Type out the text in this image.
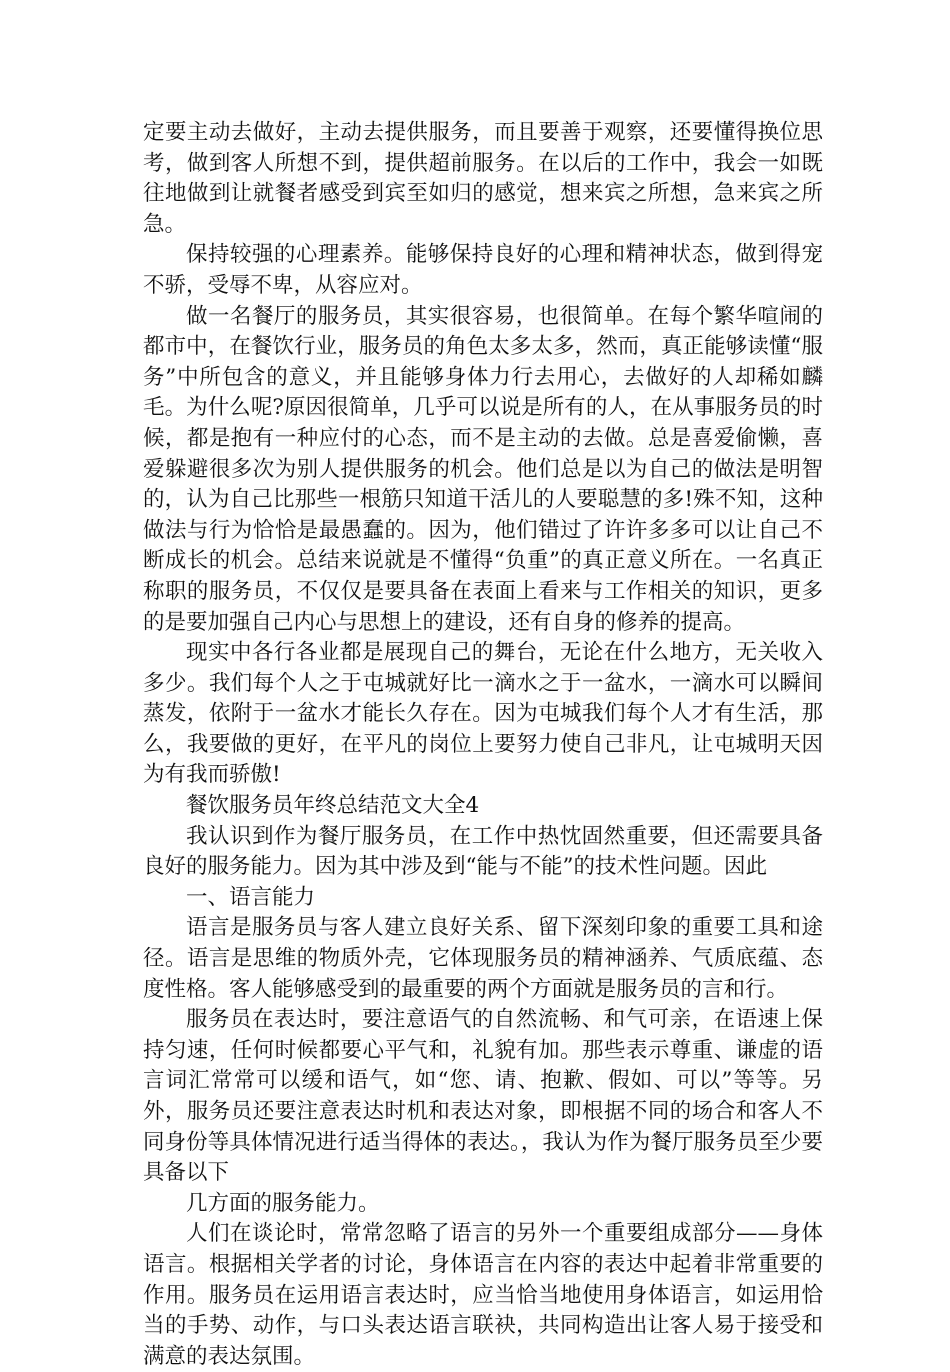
定要主动去做好，主动去提供服务，而且要善于观察，还要懂得换位思考，做到客人所想不到，提供超前服务。在以后的工作中，我会一如既往地做到让就餐者感受到宾至如归的感觉，想来宾之所想，急来宾之所急。

保持较强的心理素养。能够保持良好的心理和精神状态，做到得宠不骄，受辱不卑，从容应对。

做一名餐厅的服务员，其实很容易，也很简单。在每个繁华喧闹的都市中，在餐饮行业，服务员的角色太多太多，然而，真正能够读懂“服务”中所包含的意义，并且能够身体力行去用心，去做好的人却稀如麟毛。为什么呢?原因很简单，几乎可以说是所有的人，在从事服务员的时候，都是抱有一种应付的心态，而不是主动的去做。总是喜爱偷懒，喜爱躲避很多次为别人提供服务的机会。他们总是以为自己的做法是明智的，认为自己比那些一根筋只知道干活儿的人要聪慧的多!殊不知，这种做法与行为恰恰是最愚蠢的。因为，他们错过了许许多多可以让自己不断成长的机会。总结来说就是不懂得“负重”的真正意义所在。一名真正称职的服务员，不仅仅是要具备在表面上看来与工作相关的知识，更多的是要加强自己内心与思想上的建设，还有自身的修养的提高。

现实中各行各业都是展现自己的舞台，无论在什么地方，无关收入多少。我们每个人之于屯城就好比一滴水之于一盆水，一滴水可以瞬间蒸发，依附于一盆水才能长久存在。因为屯城我们每个人才有生活，那么，我要做的更好，在平凡的岗位上要努力使自己非凡，让屯城明天因为有我而骄傲!

餐饮服务员年终总结范文大全4

我认识到作为餐厅服务员，在工作中热忱固然重要，但还需要具备良好的服务能力。因为其中涉及到“能与不能”的技术性问题。因此

一、语言能力

语言是服务员与客人建立良好关系、留下深刻印象的重要工具和途径。语言是思维的物质外壳，它体现服务员的精神涵养、气质底蕴、态度性格。客人能够感受到的最重要的两个方面就是服务员的言和行。

服务员在表达时，要注意语气的自然流畅、和气可亲，在语速上保持匀速，任何时候都要心平气和，礼貌有加。那些表示尊重、谦虚的语言词汇常常可以缓和语气，如“您、请、抱歉、假如、可以”等等。另外，服务员还要注意表达时机和表达对象，即根据不同的场合和客人不同身份等具体情况进行适当得体的表达。，我认为作为餐厅服务员至少要具备以下

几方面的服务能力。

人们在谈论时，常常忽略了语言的另外一个重要组成部分——身体语言。根据相关学者的讨论，身体语言在内容的表达中起着非常重要的作用。服务员在运用语言表达时，应当恰当地使用身体语言，如运用恰当的手势、动作，与口头表达语言联袂，共同构造出让客人易于接受和满意的表达氛围。
